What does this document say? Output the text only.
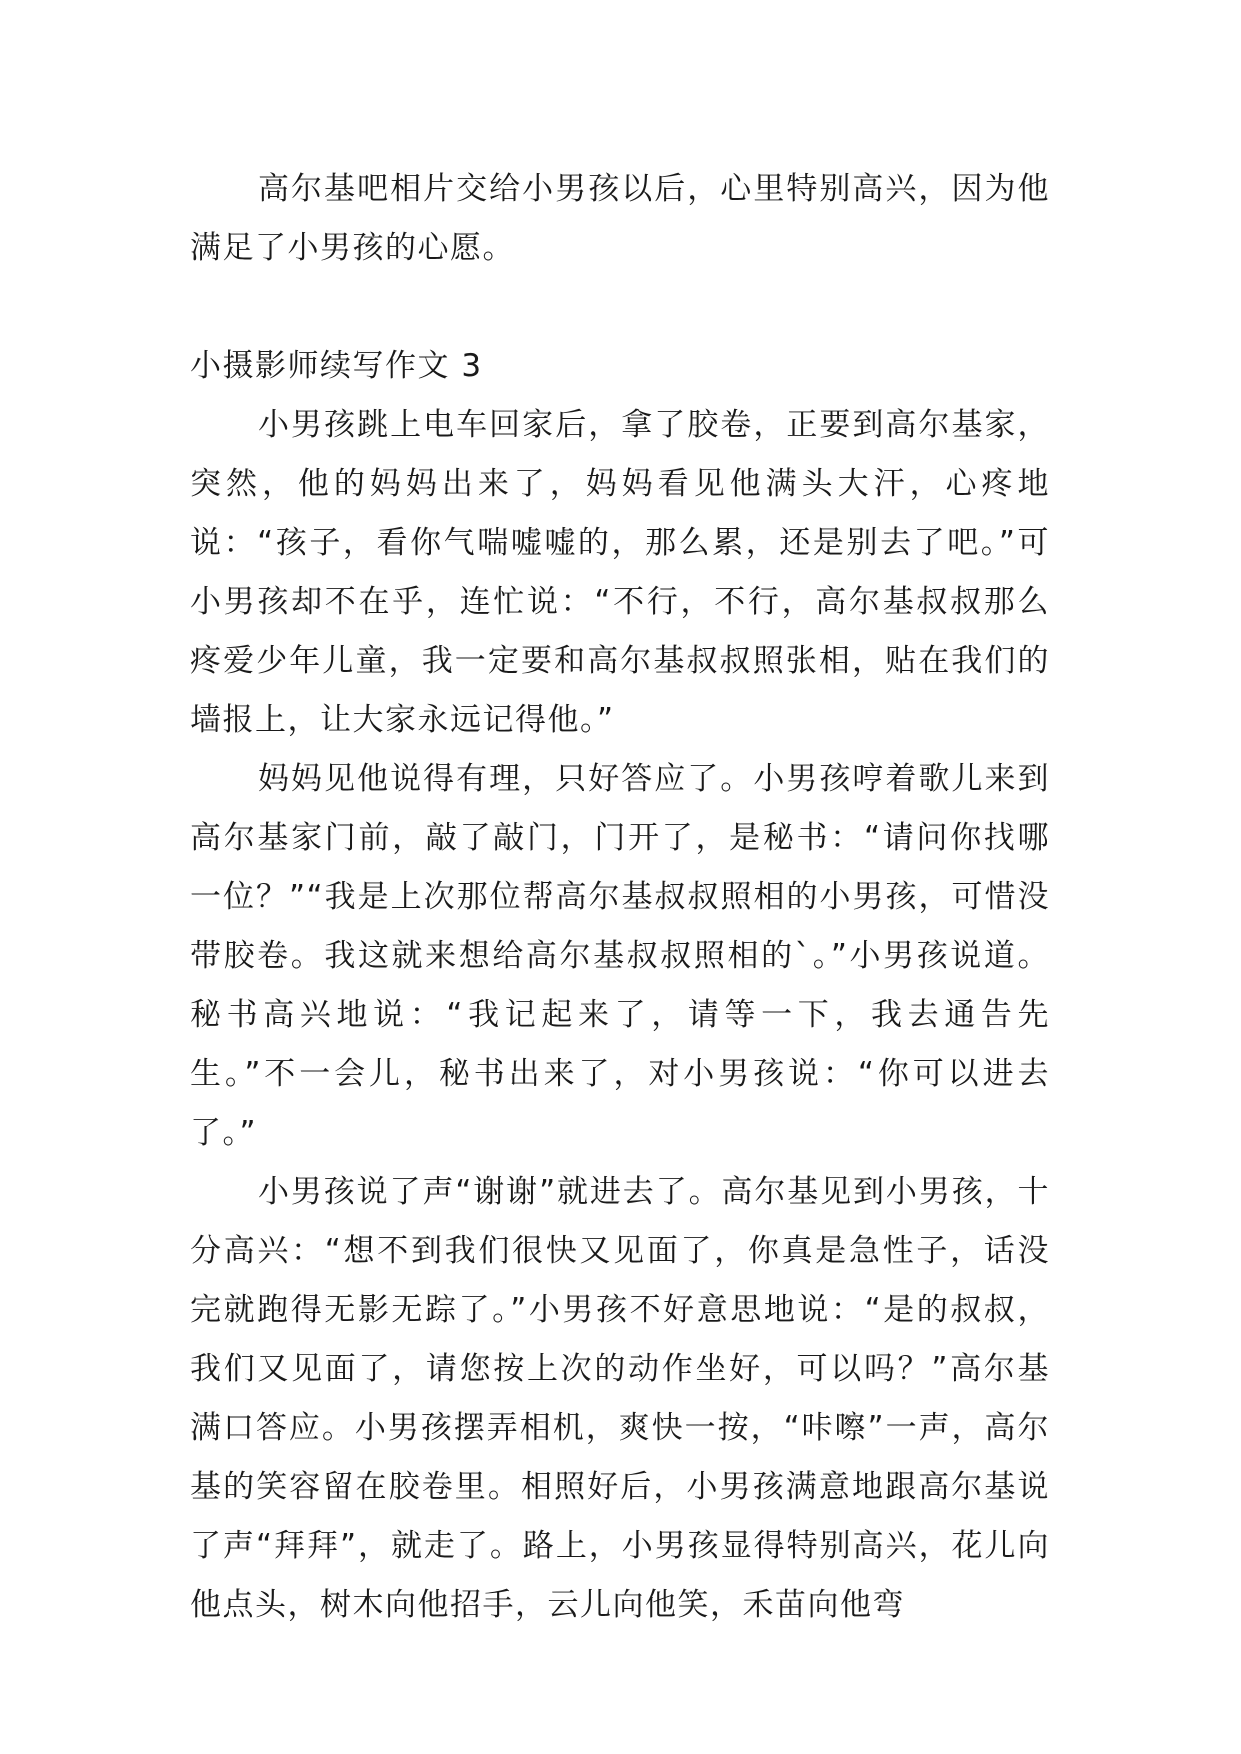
高尔基吧相片交给小男孩以后，心里特别高兴，因为他满足了小男孩的心愿。

小摄影师续写作文 3

小男孩跳上电车回家后，拿了胶卷，正要到高尔基家，突然，他的妈妈出来了，妈妈看见他满头大汗，心疼地说：“孩子，看你气喘嘘嘘的，那么累，还是别去了吧。”可小男孩却不在乎，连忙说：“不行，不行，高尔基叔叔那么疼爱少年儿童，我一定要和高尔基叔叔照张相，贴在我们的墙报上，让大家永远记得他。”

妈妈见他说得有理，只好答应了。小男孩哼着歌儿来到高尔基家门前，敲了敲门，门开了，是秘书：“请问你找哪一位？”“我是上次那位帮高尔基叔叔照相的小男孩，可惜没带胶卷。我这就来想给高尔基叔叔照相的`。”小男孩说道。秘书高兴地说：“我记起来了，请等一下，我去通告先生。”不一会儿，秘书出来了，对小男孩说：“你可以进去了。”

小男孩说了声“谢谢”就进去了。高尔基见到小男孩，十分高兴：“想不到我们很快又见面了，你真是急性子，话没完就跑得无影无踪了。”小男孩不好意思地说：“是的叔叔，我们又见面了，请您按上次的动作坐好，可以吗？”高尔基满口答应。小男孩摆弄相机，爽快一按，“咔嚓”一声，高尔基的笑容留在胶卷里。相照好后，小男孩满意地跟高尔基说了声“拜拜”，就走了。路上，小男孩显得特别高兴，花儿向他点头，树木向他招手，云儿向他笑，禾苗向他弯
